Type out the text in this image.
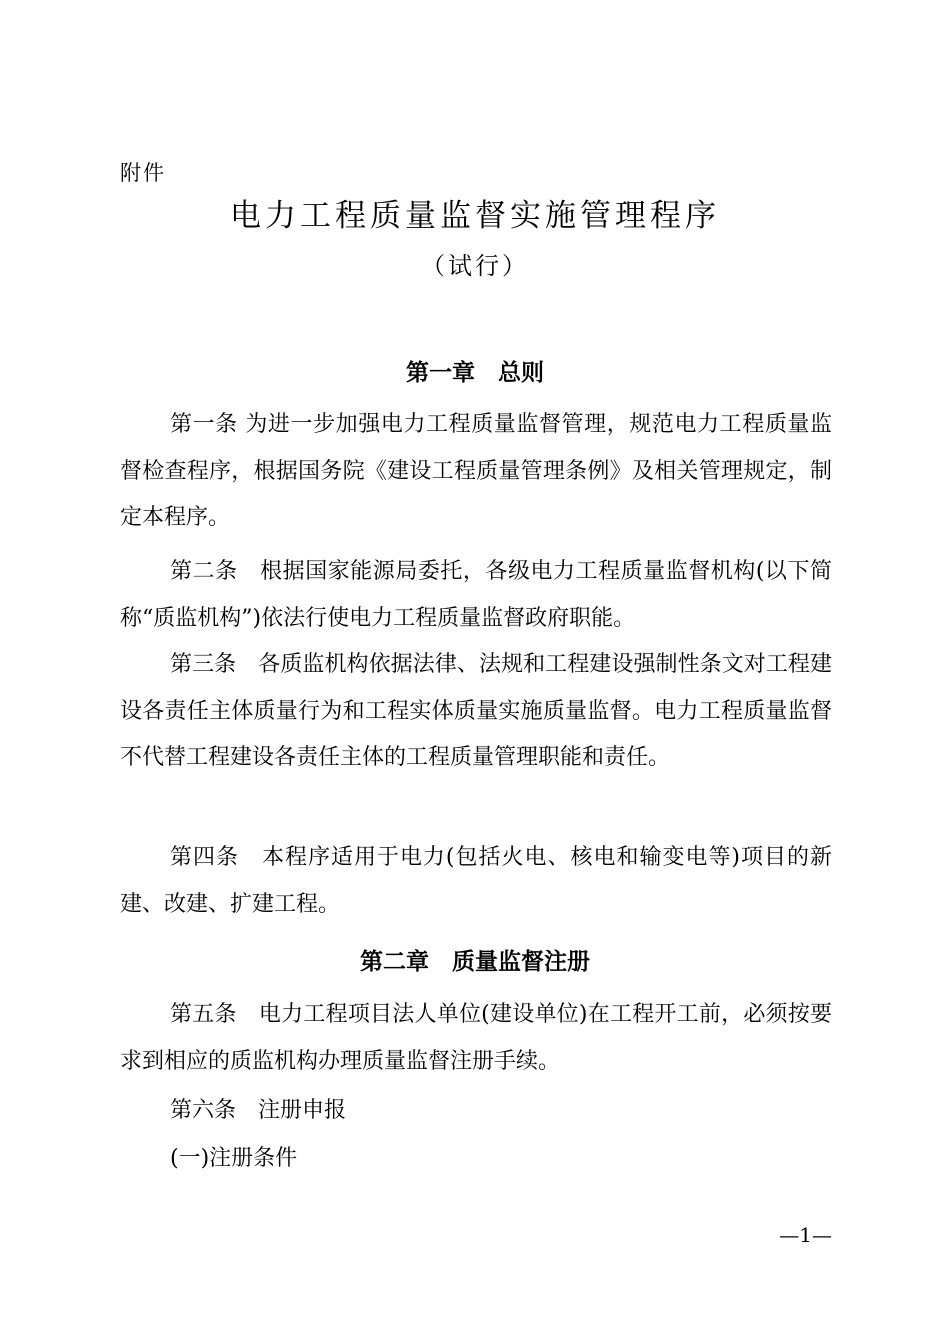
附件
电力工程质量监督实施管理程序
（试行）
第一章　总则

第一条 为进一步加强电力工程质量监督管理，规范电力工程质量监督检查程序，根据国务院《建设工程质量管理条例》及相关管理规定，制定本程序。

第二条　根据国家能源局委托，各级电力工程质量监督机构(以下简称“质监机构”)依法行使电力工程质量监督政府职能。

第三条　各质监机构依据法律、法规和工程建设强制性条文对工程建设各责任主体质量行为和工程实体质量实施质量监督。电力工程质量监督不代替工程建设各责任主体的工程质量管理职能和责任。

第四条　本程序适用于电力(包括火电、核电和输变电等)项目的新建、改建、扩建工程。

第二章　质量监督注册

第五条　电力工程项目法人单位(建设单位)在工程开工前，必须按要求到相应的质监机构办理质量监督注册手续。

第六条　注册申报

(一)注册条件

—1—
